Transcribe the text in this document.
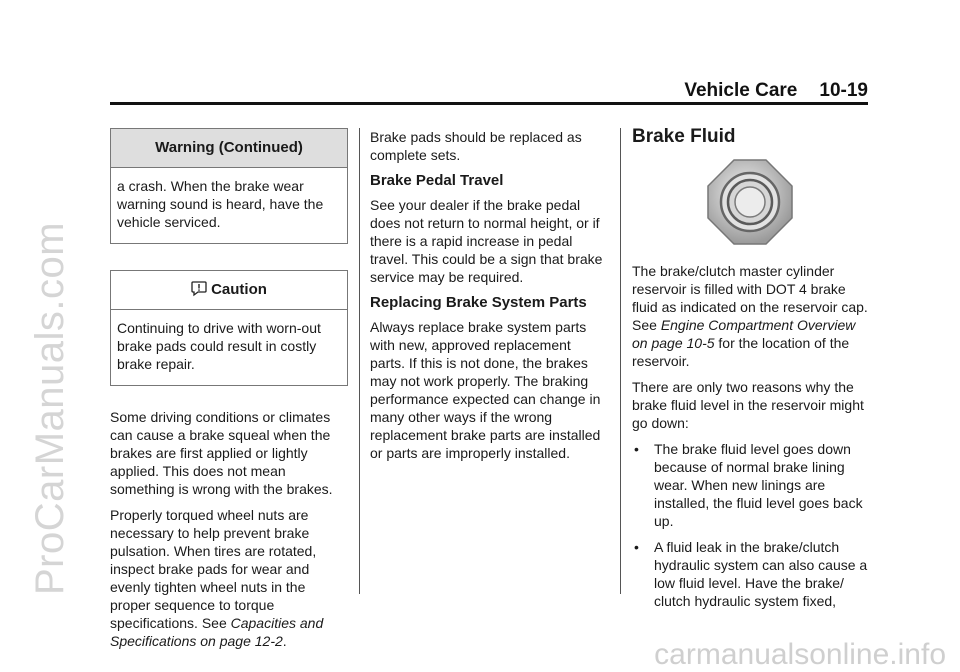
ProCarManuals.com
carmanualsonline.info
Vehicle Care 10-19
Warning (Continued)
a crash. When the brake wear warning sound is heard, have the vehicle serviced.
Caution
Continuing to drive with worn-out brake pads could result in costly brake repair.

Some driving conditions or climates can cause a brake squeal when the brakes are first applied or lightly applied. This does not mean something is wrong with the brakes.

Properly torqued wheel nuts are necessary to help prevent brake pulsation. When tires are rotated, inspect brake pads for wear and evenly tighten wheel nuts in the proper sequence to torque specifications. See Capacities and Specifications on page 12-2.

Brake pads should be replaced as complete sets.

Brake Pedal Travel

See your dealer if the brake pedal does not return to normal height, or if there is a rapid increase in pedal travel. This could be a sign that brake service may be required.

Replacing Brake System Parts

Always replace brake system parts with new, approved replacement parts. If this is not done, the brakes may not work properly. The braking performance expected can change in many other ways if the wrong replacement brake parts are installed or parts are improperly installed.

Brake Fluid

The brake/clutch master cylinder reservoir is filled with DOT 4 brake fluid as indicated on the reservoir cap. See Engine Compartment Overview on page 10-5 for the location of the reservoir.

There are only two reasons why the brake fluid level in the reservoir might go down:

• The brake fluid level goes down because of normal brake lining wear. When new linings are installed, the fluid level goes back up.
• A fluid leak in the brake/clutch hydraulic system can also cause a low fluid level. Have the brake/ clutch hydraulic system fixed,
